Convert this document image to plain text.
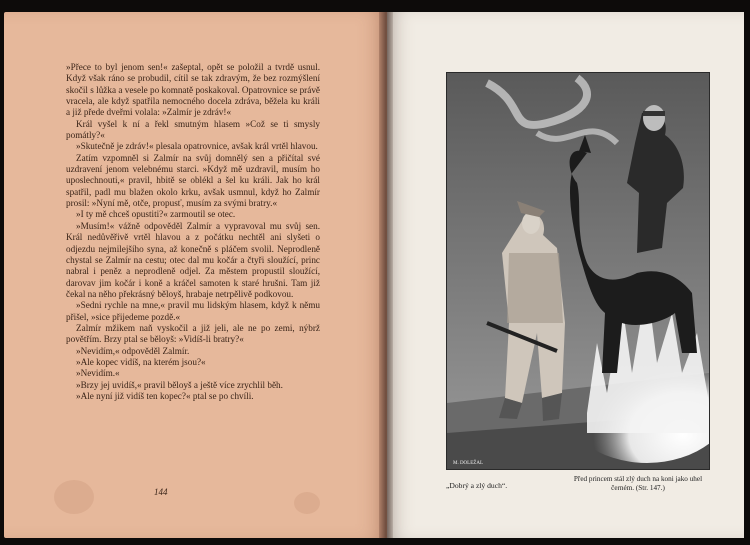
»Přece to byl jenom sen!« zašeptal, opět se položil a tvrdě usnul. Když však ráno se probudil, cítil se tak zdravým, že bez rozmýšlení skočil s lůžka a vesele po komnatě poskakoval. Opatrovnice se právě vracela, ale když spatřila nemocného docela zdrávа, běžela ku králi a již předе dveřmi volala: »Zalmír je zdráv!«

Král vyšel k ní a řekl smutným hlasem »Což se ti smysly pomátly?«

»Skutečně je zdráv!« plesala opatrovnice, avšak král vrtěl hlavou.

Zatím vzpomněl si Zalmír na svůj domnělý sen a přičítal své uzdravení jenom velebnému starci. »Když mě uzdravil, musím ho uposlechnouti,« pravil, hbitě se oblékl a šel ku králi. Jak ho král spatřil, padl mu blažen okolo krku, avšak usmnul, když ho Zalmír prosil: »Nyní mě, otče, propusť, musím za svými bratry.«

»I ty mě chceš opustiti?« zarmoutil se otec.

»Musím!« vážně odpověděl Zalmír a vypravoval mu svůj sen. Král nedůvěřivě vrtěl hlavou a z počátku nechtěl ani slyšeti o odjezdu nejmilejšího syna, až konečně s pláčem svolil. Neprodleně chystal se Zalmír na cestu; otec dal mu kočár a čtyři sloužící, princ nabral i peněz a neprodleně odjel. Za městem propustil sloužící, darovav jim kočár i koně a kráčel samoten k staré hrušni. Tam již čekal na něho překrásný běloуš, hrabaje netrpělivě podkovou.

»Sedni rychle na mne,« pravil mu lidským hlasem, když k němu přišel, »sice přijedeme pozdě.«

Zalmír mžikem naň vyskočil a již jeli, ale ne po zemi, nýbrž povětřím. Brzy ptal se běloуš: »Vidíš-li bratry?«

»Nevidím,« odpověděl Zalmír.

»Ale kopec vidíš, na kterém jsou?«

»Nevidím.«

»Brzy jej uvidíš,« pravil běloуš a ještě více zrychlil běh.

»Ale nyní již vidíš ten kopec?« ptal se po chvíli.

144
M. DOLEŽAL
„Dobrý a zlý duch“.
Před princem stál zlý duch na koni jako uhel černém. (Str. 147.)
